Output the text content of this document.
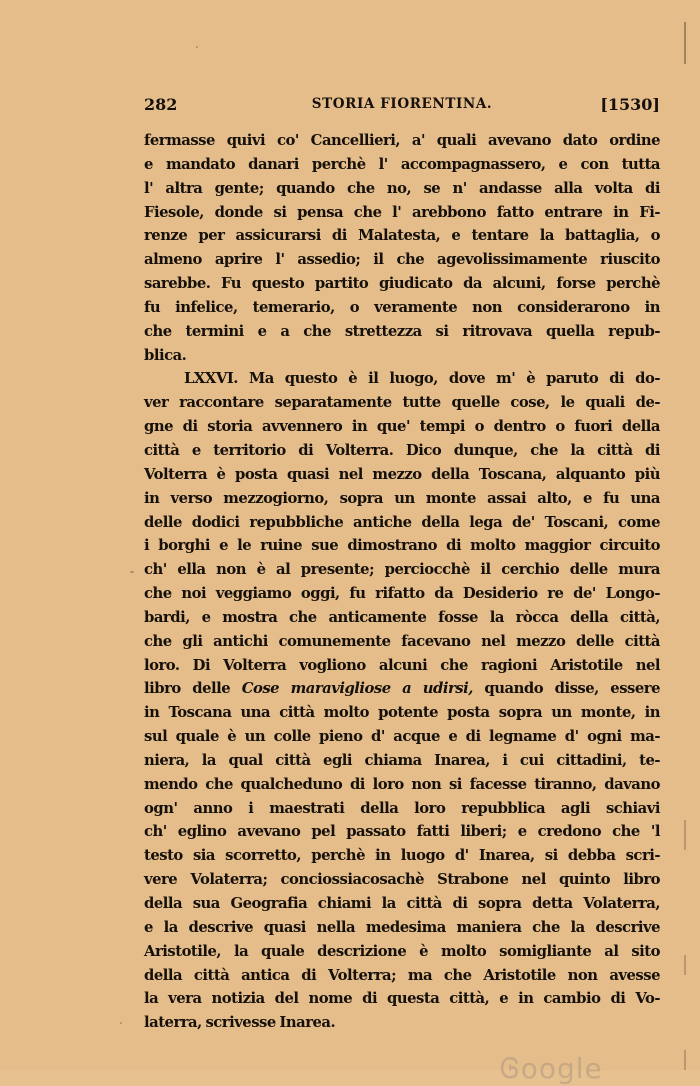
282	STORIA FIORENTINA.	[1530]
fermasse quivi co' Cancellieri, a' quali avevano dato ordine
e mandato danari perchè l' accompagnassero, e con tutta
l' altra gente; quando che no, se n' andasse alla volta di
Fiesole, donde si pensa che l' arebbono fatto entrare in Fi-
renze per assicurarsi di Malatesta, e tentare la battaglia, o
almeno aprire l' assedio; il che agevolissimamente riuscito
sarebbe. Fu questo partito giudicato da alcuni, forse perchè
fu infelice, temerario, o veramente non considerarono in
che termini e a che strettezza si ritrovava quella repub-
blica.
LXXVI. Ma questo è il luogo, dove m' è paruto di do-
ver raccontare separatamente tutte quelle cose, le quali de-
gne di storia avvennero in que' tempi o dentro o fuori della
città e territorio di Volterra. Dico dunque, che la città di
Volterra è posta quasi nel mezzo della Toscana, alquanto più
in verso mezzogiorno, sopra un monte assai alto, e fu una
delle dodici repubbliche antiche della lega de' Toscani, come
i borghi e le ruine sue dimostrano di molto maggior circuito
ch' ella non è al presente; perciocchè il cerchio delle mura
che noi veggiamo oggi, fu rifatto da Desiderio re de' Longo-
bardi, e mostra che anticamente fosse la ròcca della città,
che gli antichi comunemente facevano nel mezzo delle città
loro. Di Volterra vogliono alcuni che ragioni Aristotile nel
libro delle Cose maravigliose a udirsi, quando disse, essere
in Toscana una città molto potente posta sopra un monte, in
sul quale è un colle pieno d' acque e di legname d' ogni ma-
niera, la qual città egli chiama Inarea, i cui cittadini, te-
mendo che qualcheduno di loro non si facesse tiranno, davano
ogn' anno i maestrati della loro repubblica agli schiavi
ch' eglino avevano pel passato fatti liberi; e credono che 'l
testo sia scorretto, perchè in luogo d' Inarea, si debba scri-
vere Volaterra; conciossiacosachè Strabone nel quinto libro
della sua Geografia chiami la città di sopra detta Volaterra,
e la descrive quasi nella medesima maniera che la descrive
Aristotile, la quale descrizione è molto somigliante al sito
della città antica di Volterra; ma che Aristotile non avesse
la vera notizia del nome di questa città, e in cambio di Vo-
laterra, scrivesse Inarea.
Ꮆᴏᴏglе
